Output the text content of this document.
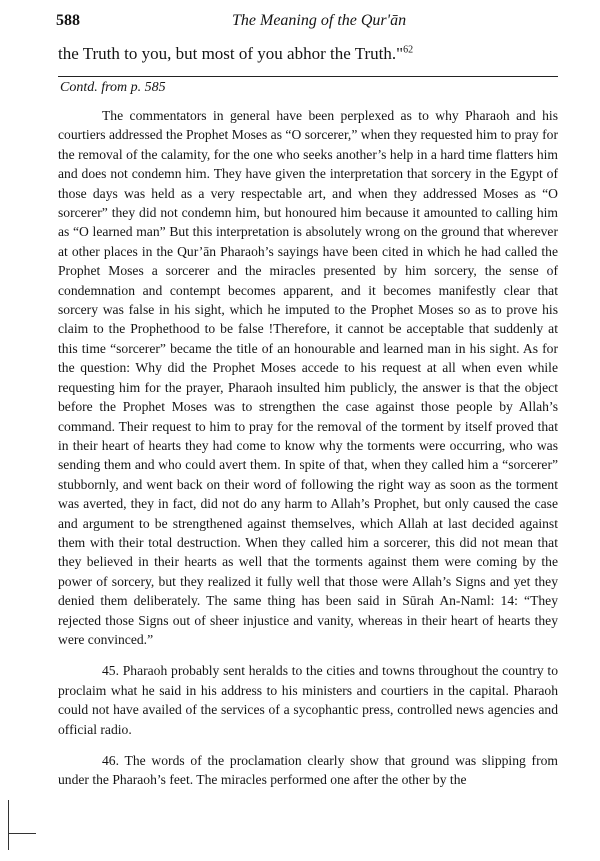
588	The Meaning of the Qur'ān
the Truth to you, but most of you abhor the Truth."$^{62}$
Contd. from p. 585

The commentators in general have been perplexed as to why Pharaoh and his courtiers addressed the Prophet Moses as “O sorcerer,” when they requested him to pray for the removal of the calamity, for the one who seeks another’s help in a hard time flatters him and does not condemn him. They have given the interpretation that sorcery in the Egypt of those days was held as a very respectable art, and when they addressed Moses as “O sorcerer” they did not condemn him, but honoured him because it amounted to calling him as “O learned man” But this interpretation is absolutely wrong on the ground that wherever at other places in the Qur’ān Pharaoh’s sayings have been cited in which he had called the Prophet Moses a sorcerer and the miracles presented by him sorcery, the sense of condemnation and contempt becomes apparent, and it becomes manifestly clear that sorcery was false in his sight, which he imputed to the Prophet Moses so as to prove his claim to the Prophethood to be false !Therefore, it cannot be acceptable that suddenly at this time “sorcerer” became the title of an honourable and learned man in his sight. As for the question: Why did the Prophet Moses accede to his request at all when even while requesting him for the prayer, Pharaoh insulted him publicly, the answer is that the object before the Prophet Moses was to strengthen the case against those people by Allah’s command. Their request to him to pray for the removal of the torment by itself proved that in their heart of hearts they had come to know why the torments were occurring, who was sending them and who could avert them. In spite of that, when they called him a “sorcerer” stubbornly, and went back on their word of following the right way as soon as the torment was averted, they in fact, did not do any harm to Allah’s Prophet, but only caused the case and argument to be strengthened against themselves, which Allah at last decided against them with their total destruction. When they called him a sorcerer, this did not mean that they believed in their hearts as well that the torments against them were coming by the power of sorcery, but they realized it fully well that those were Allah’s Signs and yet they denied them deliberately. The same thing has been said in Sūrah An-Naml: 14: “They rejected those Signs out of sheer injustice and vanity, whereas in their heart of hearts they were convinced.”

45. Pharaoh probably sent heralds to the cities and towns throughout the country to proclaim what he said in his address to his ministers and courtiers in the capital. Pharaoh could not have availed of the services of a sycophantic press, controlled news agencies and official radio.

46. The words of the proclamation clearly show that ground was slipping from under the Pharaoh’s feet. The miracles performed one after the other by the
